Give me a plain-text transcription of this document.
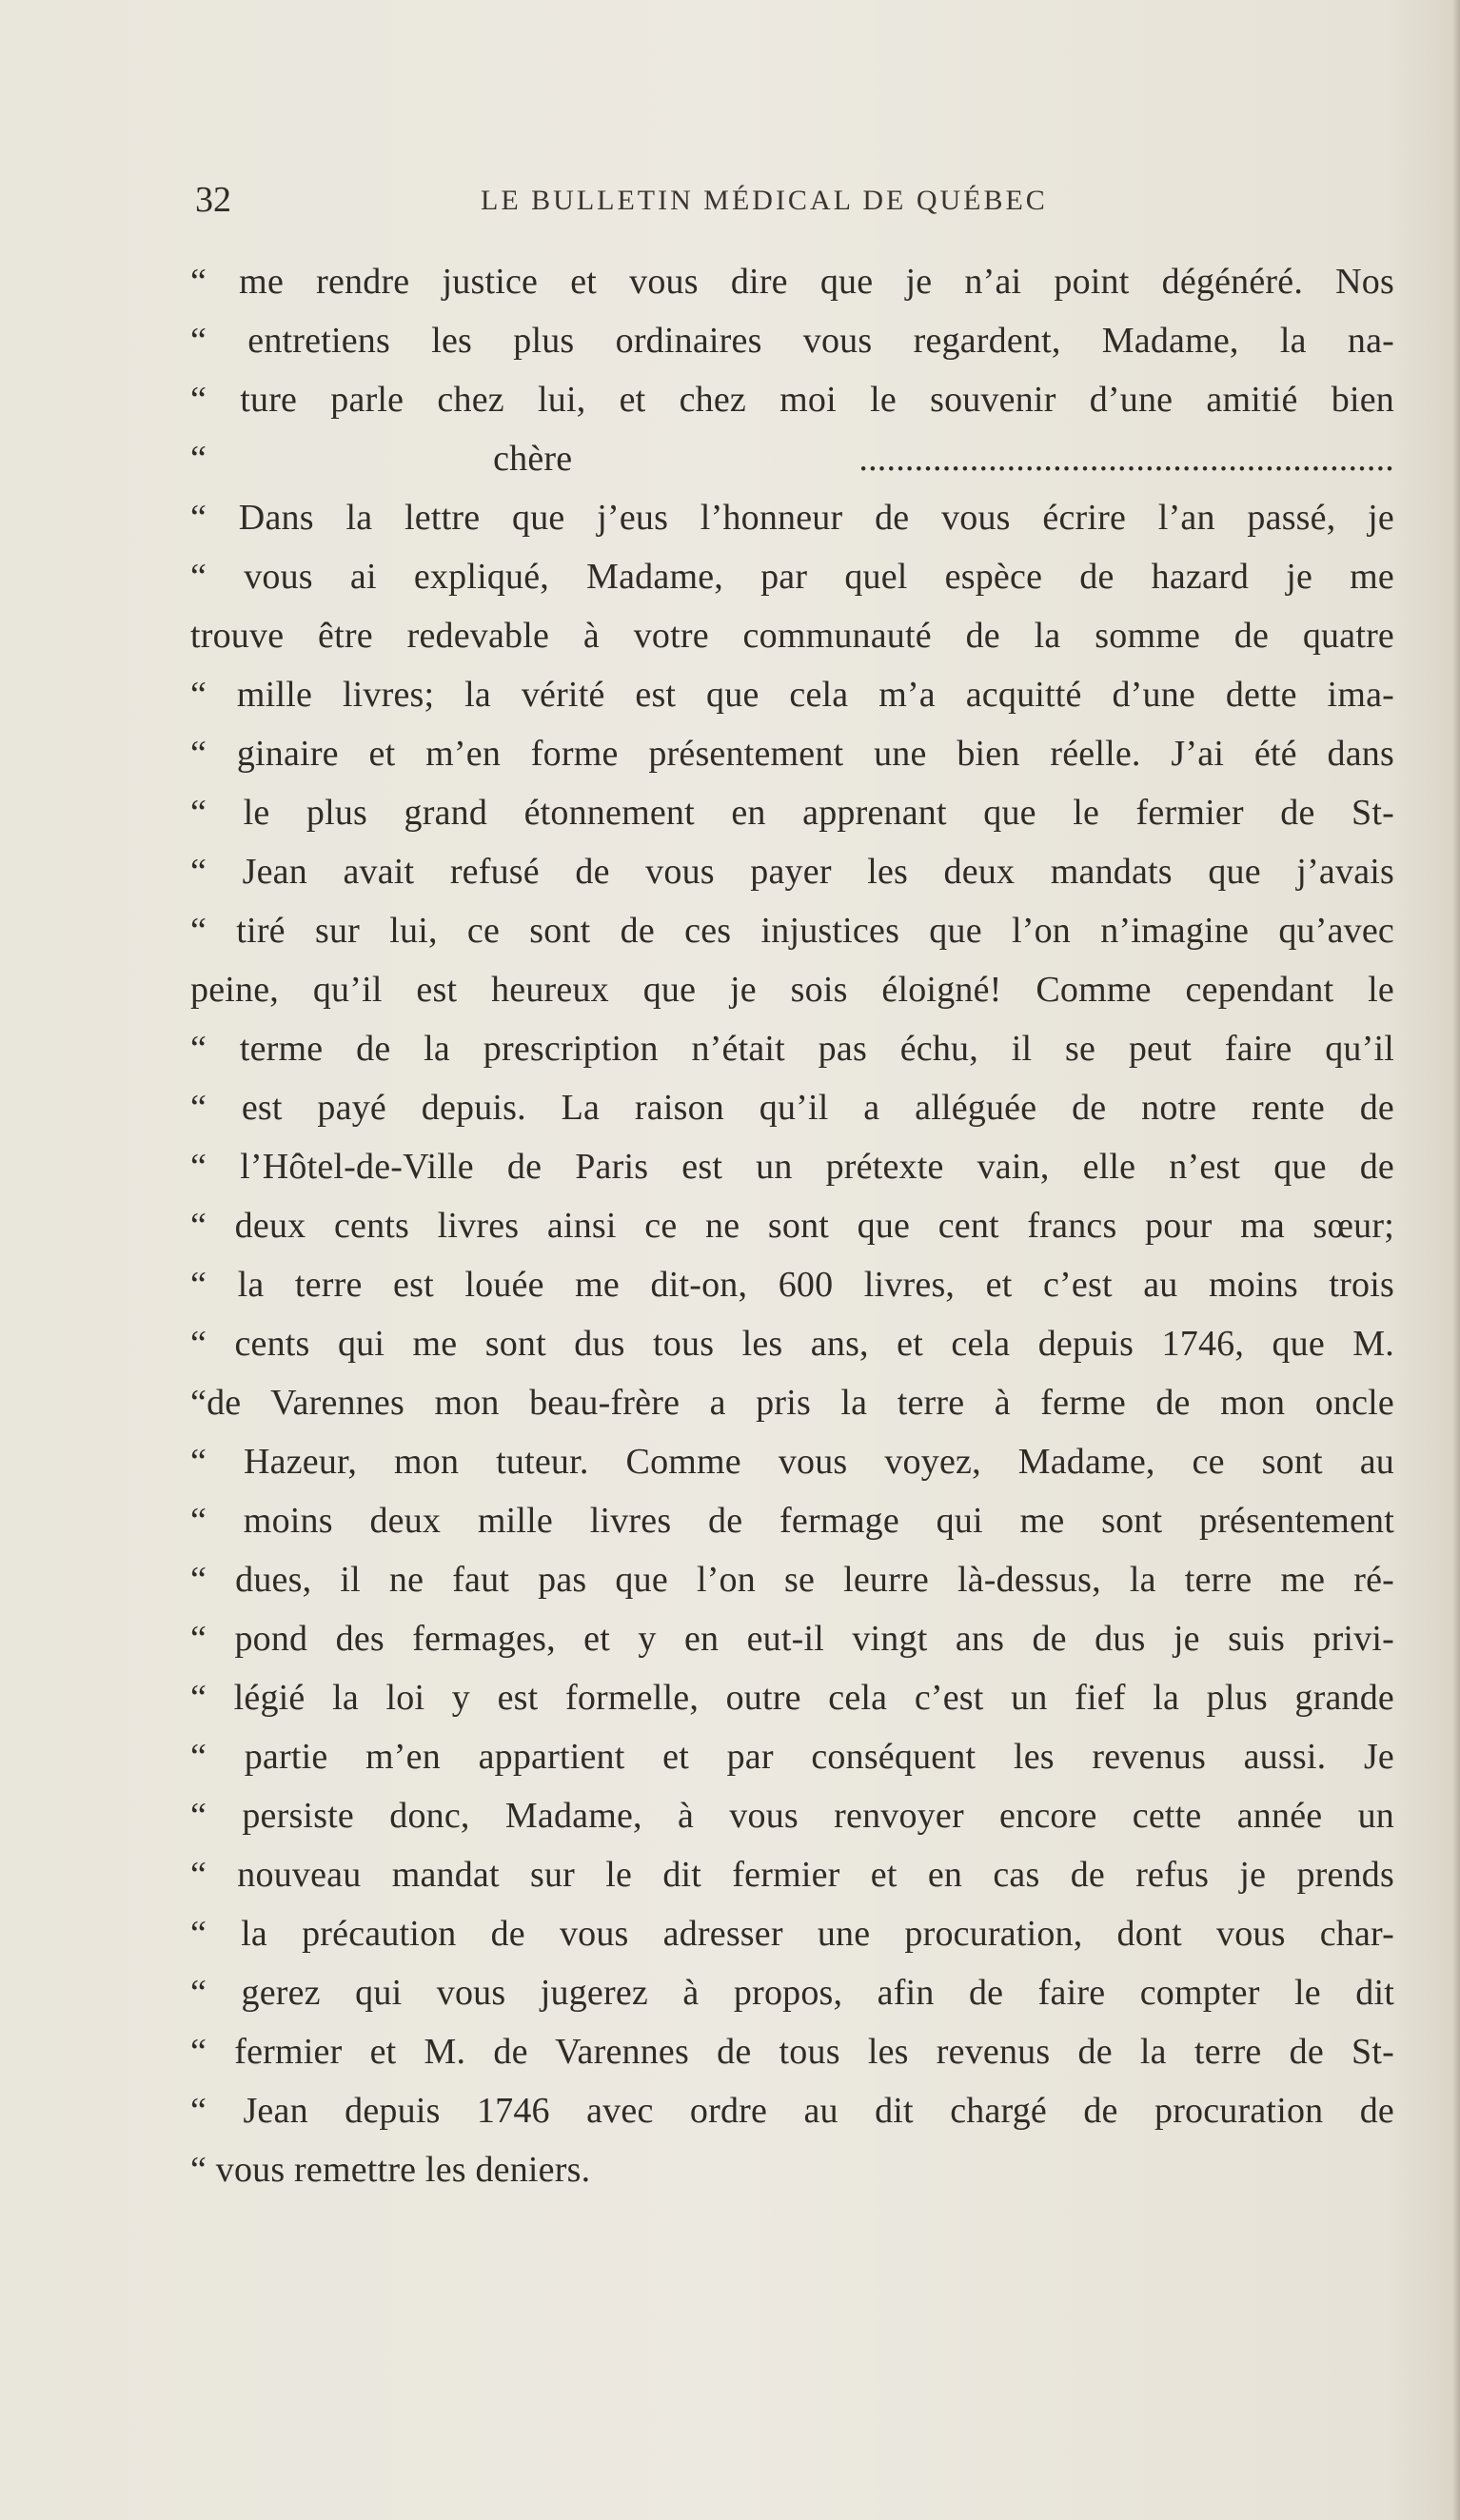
32	LE BULLETIN MÉDICAL DE QUÉBEC
“ me rendre justice et vous dire que je n’ai point dégénéré. Nos
“ entretiens les plus ordinaires vous regardent, Madame, la na-
“ ture parle chez lui, et chez moi le souvenir d’une amitié bien
“ chère ..........................................................
“ Dans la lettre que j’eus l’honneur de vous écrire l’an passé, je
“ vous ai expliqué, Madame, par quel espèce de hazard je me
trouve être redevable à votre communauté de la somme de quatre
“ mille livres; la vérité est que cela m’a acquitté d’une dette ima-
“ ginaire et m’en forme présentement une bien réelle. J’ai été dans
“ le plus grand étonnement en apprenant que le fermier de St-
“ Jean avait refusé de vous payer les deux mandats que j’avais
“ tiré sur lui, ce sont de ces injustices que l’on n’imagine qu’avec
peine, qu’il est heureux que je sois éloigné! Comme cependant le
“ terme de la prescription n’était pas échu, il se peut faire qu’il
“ est payé depuis. La raison qu’il a alléguée de notre rente de
“ l’Hôtel-de-Ville de Paris est un prétexte vain, elle n’est que de
“ deux cents livres ainsi ce ne sont que cent francs pour ma sœur;
“ la terre est louée me dit-on, 600 livres, et c’est au moins trois
“ cents qui me sont dus tous les ans, et cela depuis 1746, que M.
“de Varennes mon beau-frère a pris la terre à ferme de mon oncle
“ Hazeur, mon tuteur. Comme vous voyez, Madame, ce sont au
“ moins deux mille livres de fermage qui me sont présentement
“ dues, il ne faut pas que l’on se leurre là-dessus, la terre me ré-
“ pond des fermages, et y en eut-il vingt ans de dus je suis privi-
“ légié la loi y est formelle, outre cela c’est un fief la plus grande
“ partie m’en appartient et par conséquent les revenus aussi. Je
“ persiste donc, Madame, à vous renvoyer encore cette année un
“ nouveau mandat sur le dit fermier et en cas de refus je prends
“ la précaution de vous adresser une procuration, dont vous char-
“ gerez qui vous jugerez à propos, afin de faire compter le dit
“ fermier et M. de Varennes de tous les revenus de la terre de St-
“ Jean depuis 1746 avec ordre au dit chargé de procuration de
“ vous remettre les deniers.
